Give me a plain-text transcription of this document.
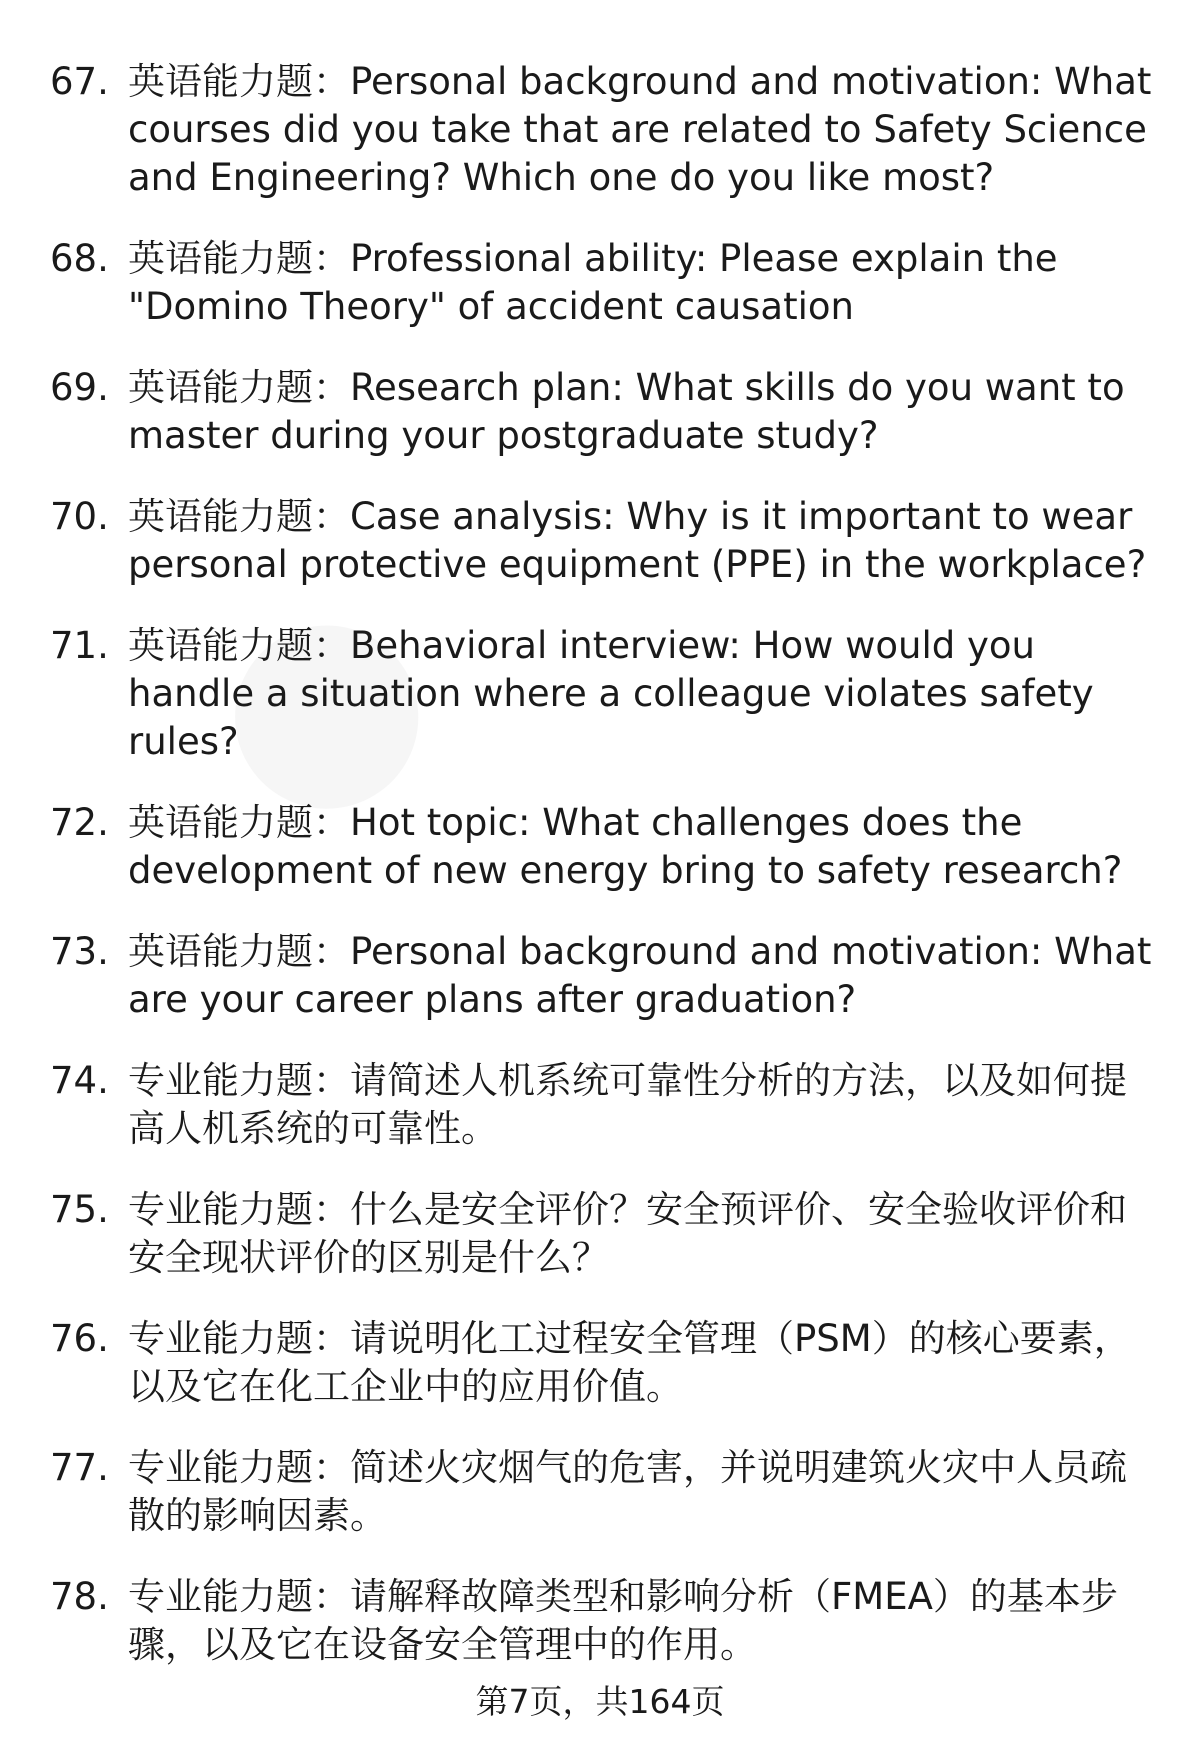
67. 英语能力题：Personal background and motivation: What courses did you take that are related to Safety Science and Engineering? Which one do you like most?
68. 英语能力题：Professional ability: Please explain the "Domino Theory" of accident causation
69. 英语能力题：Research plan: What skills do you want to master during your postgraduate study?
70. 英语能力题：Case analysis: Why is it important to wear personal protective equipment (PPE) in the workplace?
71. 英语能力题：Behavioral interview: How would you handle a situation where a colleague violates safety rules?
72. 英语能力题：Hot topic: What challenges does the development of new energy bring to safety research?
73. 英语能力题：Personal background and motivation: What are your career plans after graduation?
74. 专业能力题：请简述人机系统可靠性分析的方法，以及如何提高人机系统的可靠性。
75. 专业能力题：什么是安全评价？安全预评价、安全验收评价和安全现状评价的区别是什么？
76. 专业能力题：请说明化工过程安全管理（PSM）的核心要素，以及它在化工企业中的应用价值。
77. 专业能力题：简述火灾烟气的危害，并说明建筑火灾中人员疏散的影响因素。
78. 专业能力题：请解释故障类型和影响分析（FMEA）的基本步骤，以及它在设备安全管理中的作用。
第7页，共164页
